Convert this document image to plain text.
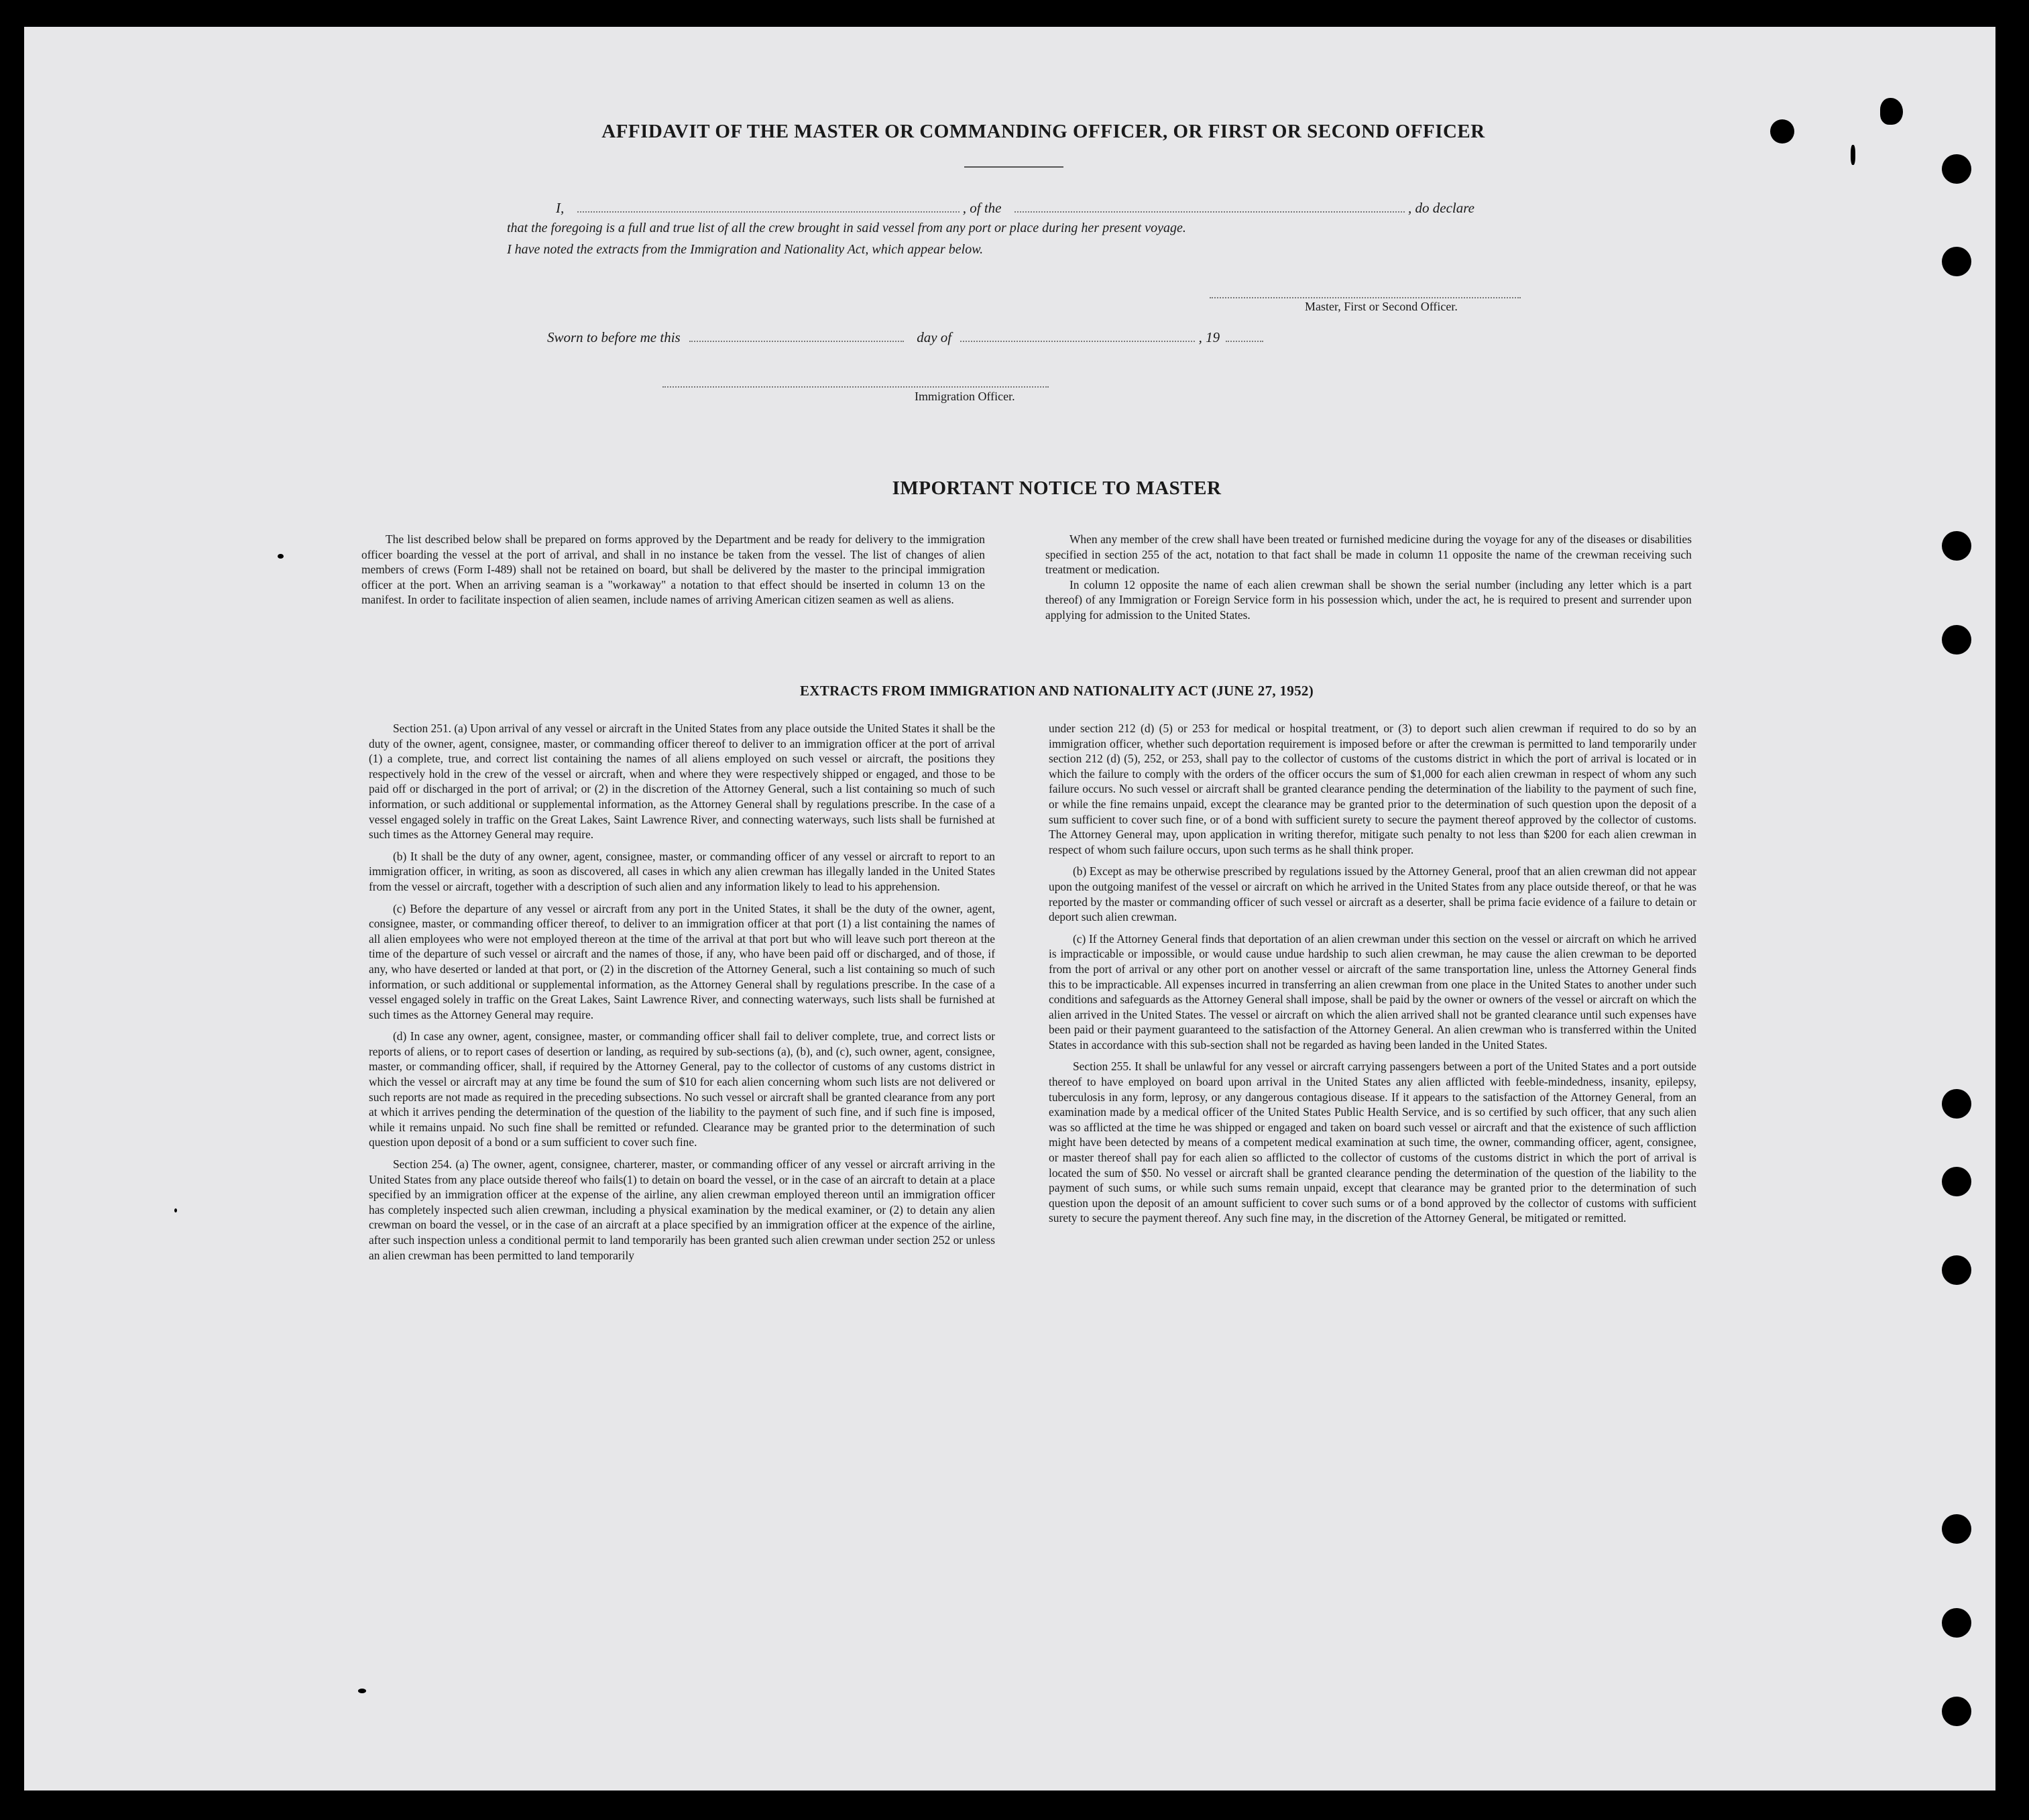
AFFIDAVIT OF THE MASTER OR COMMANDING OFFICER, OR FIRST OR SECOND OFFICER
I,	, of the	, do declare
that the foregoing is a full and true list of all the crew brought in said vessel from any port or place during her present voyage.
I have noted the extracts from the Immigration and Nationality Act, which appear below.
Master, First or Second Officer.
Sworn to before me this	day of	, 19
Immigration Officer.
IMPORTANT NOTICE TO MASTER

The list described below shall be prepared on forms approved by the Department and be ready for delivery to the immigration officer boarding the vessel at the port of arrival, and shall in no instance be taken from the vessel. The list of changes of alien members of crews (Form I-489) shall not be retained on board, but shall be delivered by the master to the principal immigration officer at the port. When an arriving seaman is a "workaway" a notation to that effect should be inserted in column 13 on the manifest. In order to facilitate inspection of alien seamen, include names of arriving American citizen seamen as well as aliens.

When any member of the crew shall have been treated or furnished medicine during the voyage for any of the diseases or disabilities specified in section 255 of the act, notation to that fact shall be made in column 11 opposite the name of the crewman receiving such treatment or medication.

In column 12 opposite the name of each alien crewman shall be shown the serial number (including any letter which is a part thereof) of any Immigration or Foreign Service form in his possession which, under the act, he is required to present and surrender upon applying for admission to the United States.

EXTRACTS FROM IMMIGRATION AND NATIONALITY ACT (JUNE 27, 1952)

Section 251. (a) Upon arrival of any vessel or aircraft in the United States from any place outside the United States it shall be the duty of the owner, agent, consignee, master, or commanding officer thereof to deliver to an immigration officer at the port of arrival (1) a complete, true, and correct list containing the names of all aliens employed on such vessel or aircraft, the positions they respectively hold in the crew of the vessel or aircraft, when and where they were respectively shipped or engaged, and those to be paid off or discharged in the port of arrival; or (2) in the discretion of the Attorney General, such a list containing so much of such information, or such additional or supplemental information, as the Attorney General shall by regulations prescribe. In the case of a vessel engaged solely in traffic on the Great Lakes, Saint Lawrence River, and connecting waterways, such lists shall be furnished at such times as the Attorney General may require.

(b) It shall be the duty of any owner, agent, consignee, master, or commanding officer of any vessel or aircraft to report to an immigration officer, in writing, as soon as discovered, all cases in which any alien crewman has illegally landed in the United States from the vessel or aircraft, together with a description of such alien and any information likely to lead to his apprehension.

(c) Before the departure of any vessel or aircraft from any port in the United States, it shall be the duty of the owner, agent, consignee, master, or commanding officer thereof, to deliver to an immigration officer at that port (1) a list containing the names of all alien employees who were not employed thereon at the time of the arrival at that port but who will leave such port thereon at the time of the departure of such vessel or aircraft and the names of those, if any, who have been paid off or discharged, and of those, if any, who have deserted or landed at that port, or (2) in the discretion of the Attorney General, such a list containing so much of such information, or such additional or supplemental information, as the Attorney General shall by regulations prescribe. In the case of a vessel engaged solely in traffic on the Great Lakes, Saint Lawrence River, and connecting waterways, such lists shall be furnished at such times as the Attorney General may require.

(d) In case any owner, agent, consignee, master, or commanding officer shall fail to deliver complete, true, and correct lists or reports of aliens, or to report cases of desertion or landing, as required by sub-sections (a), (b), and (c), such owner, agent, consignee, master, or commanding officer, shall, if required by the Attorney General, pay to the collector of customs of any customs district in which the vessel or aircraft may at any time be found the sum of $10 for each alien concerning whom such lists are not delivered or such reports are not made as required in the preceding subsections. No such vessel or aircraft shall be granted clearance from any port at which it arrives pending the determination of the question of the liability to the payment of such fine, and if such fine is imposed, while it remains unpaid. No such fine shall be remitted or refunded. Clearance may be granted prior to the determination of such question upon deposit of a bond or a sum sufficient to cover such fine.

Section 254. (a) The owner, agent, consignee, charterer, master, or commanding officer of any vessel or aircraft arriving in the United States from any place outside thereof who fails(1) to detain on board the vessel, or in the case of an aircraft to detain at a place specified by an immigration officer at the expense of the airline, any alien crewman employed thereon until an immigration officer has completely inspected such alien crewman, including a physical examination by the medical examiner, or (2) to detain any alien crewman on board the vessel, or in the case of an aircraft at a place specified by an immigration officer at the expence of the airline, after such inspection unless a conditional permit to land temporarily has been granted such alien crewman under section 252 or unless an alien crewman has been permitted to land temporarily

under section 212 (d) (5) or 253 for medical or hospital treatment, or (3) to deport such alien crewman if required to do so by an immigration officer, whether such deportation requirement is imposed before or after the crewman is permitted to land temporarily under section 212 (d) (5), 252, or 253, shall pay to the collector of customs of the customs district in which the port of arrival is located or in which the failure to comply with the orders of the officer occurs the sum of $1,000 for each alien crewman in respect of whom any such failure occurs. No such vessel or aircraft shall be granted clearance pending the determination of the liability to the payment of such fine, or while the fine remains unpaid, except the clearance may be granted prior to the determination of such question upon the deposit of a sum sufficient to cover such fine, or of a bond with sufficient surety to secure the payment thereof approved by the collector of customs. The Attorney General may, upon application in writing therefor, mitigate such penalty to not less than $200 for each alien crewman in respect of whom such failure occurs, upon such terms as he shall think proper.

(b) Except as may be otherwise prescribed by regulations issued by the Attorney General, proof that an alien crewman did not appear upon the outgoing manifest of the vessel or aircraft on which he arrived in the United States from any place outside thereof, or that he was reported by the master or commanding officer of such vessel or aircraft as a deserter, shall be prima facie evidence of a failure to detain or deport such alien crewman.

(c) If the Attorney General finds that deportation of an alien crewman under this section on the vessel or aircraft on which he arrived is impracticable or impossible, or would cause undue hardship to such alien crewman, he may cause the alien crewman to be deported from the port of arrival or any other port on another vessel or aircraft of the same transportation line, unless the Attorney General finds this to be impracticable. All expenses incurred in transferring an alien crewman from one place in the United States to another under such conditions and safeguards as the Attorney General shall impose, shall be paid by the owner or owners of the vessel or aircraft on which the alien arrived in the United States. The vessel or aircraft on which the alien arrived shall not be granted clearance until such expenses have been paid or their payment guaranteed to the satisfaction of the Attorney General. An alien crewman who is transferred within the United States in accordance with this sub-section shall not be regarded as having been landed in the United States.

Section 255. It shall be unlawful for any vessel or aircraft carrying passengers between a port of the United States and a port outside thereof to have employed on board upon arrival in the United States any alien afflicted with feeble-mindedness, insanity, epilepsy, tuberculosis in any form, leprosy, or any dangerous contagious disease. If it appears to the satisfaction of the Attorney General, from an examination made by a medical officer of the United States Public Health Service, and is so certified by such officer, that any such alien was so afflicted at the time he was shipped or engaged and taken on board such vessel or aircraft and that the existence of such affliction might have been detected by means of a competent medical examination at such time, the owner, commanding officer, agent, consignee, or master thereof shall pay for each alien so afflicted to the collector of customs of the customs district in which the port of arrival is located the sum of $50. No vessel or aircraft shall be granted clearance pending the determination of the question of the liability to the payment of such sums, or while such sums remain unpaid, except that clearance may be granted prior to the determination of such question upon the deposit of an amount sufficient to cover such sums or of a bond approved by the collector of customs with sufficient surety to secure the payment thereof. Any such fine may, in the discretion of the Attorney General, be mitigated or remitted.
